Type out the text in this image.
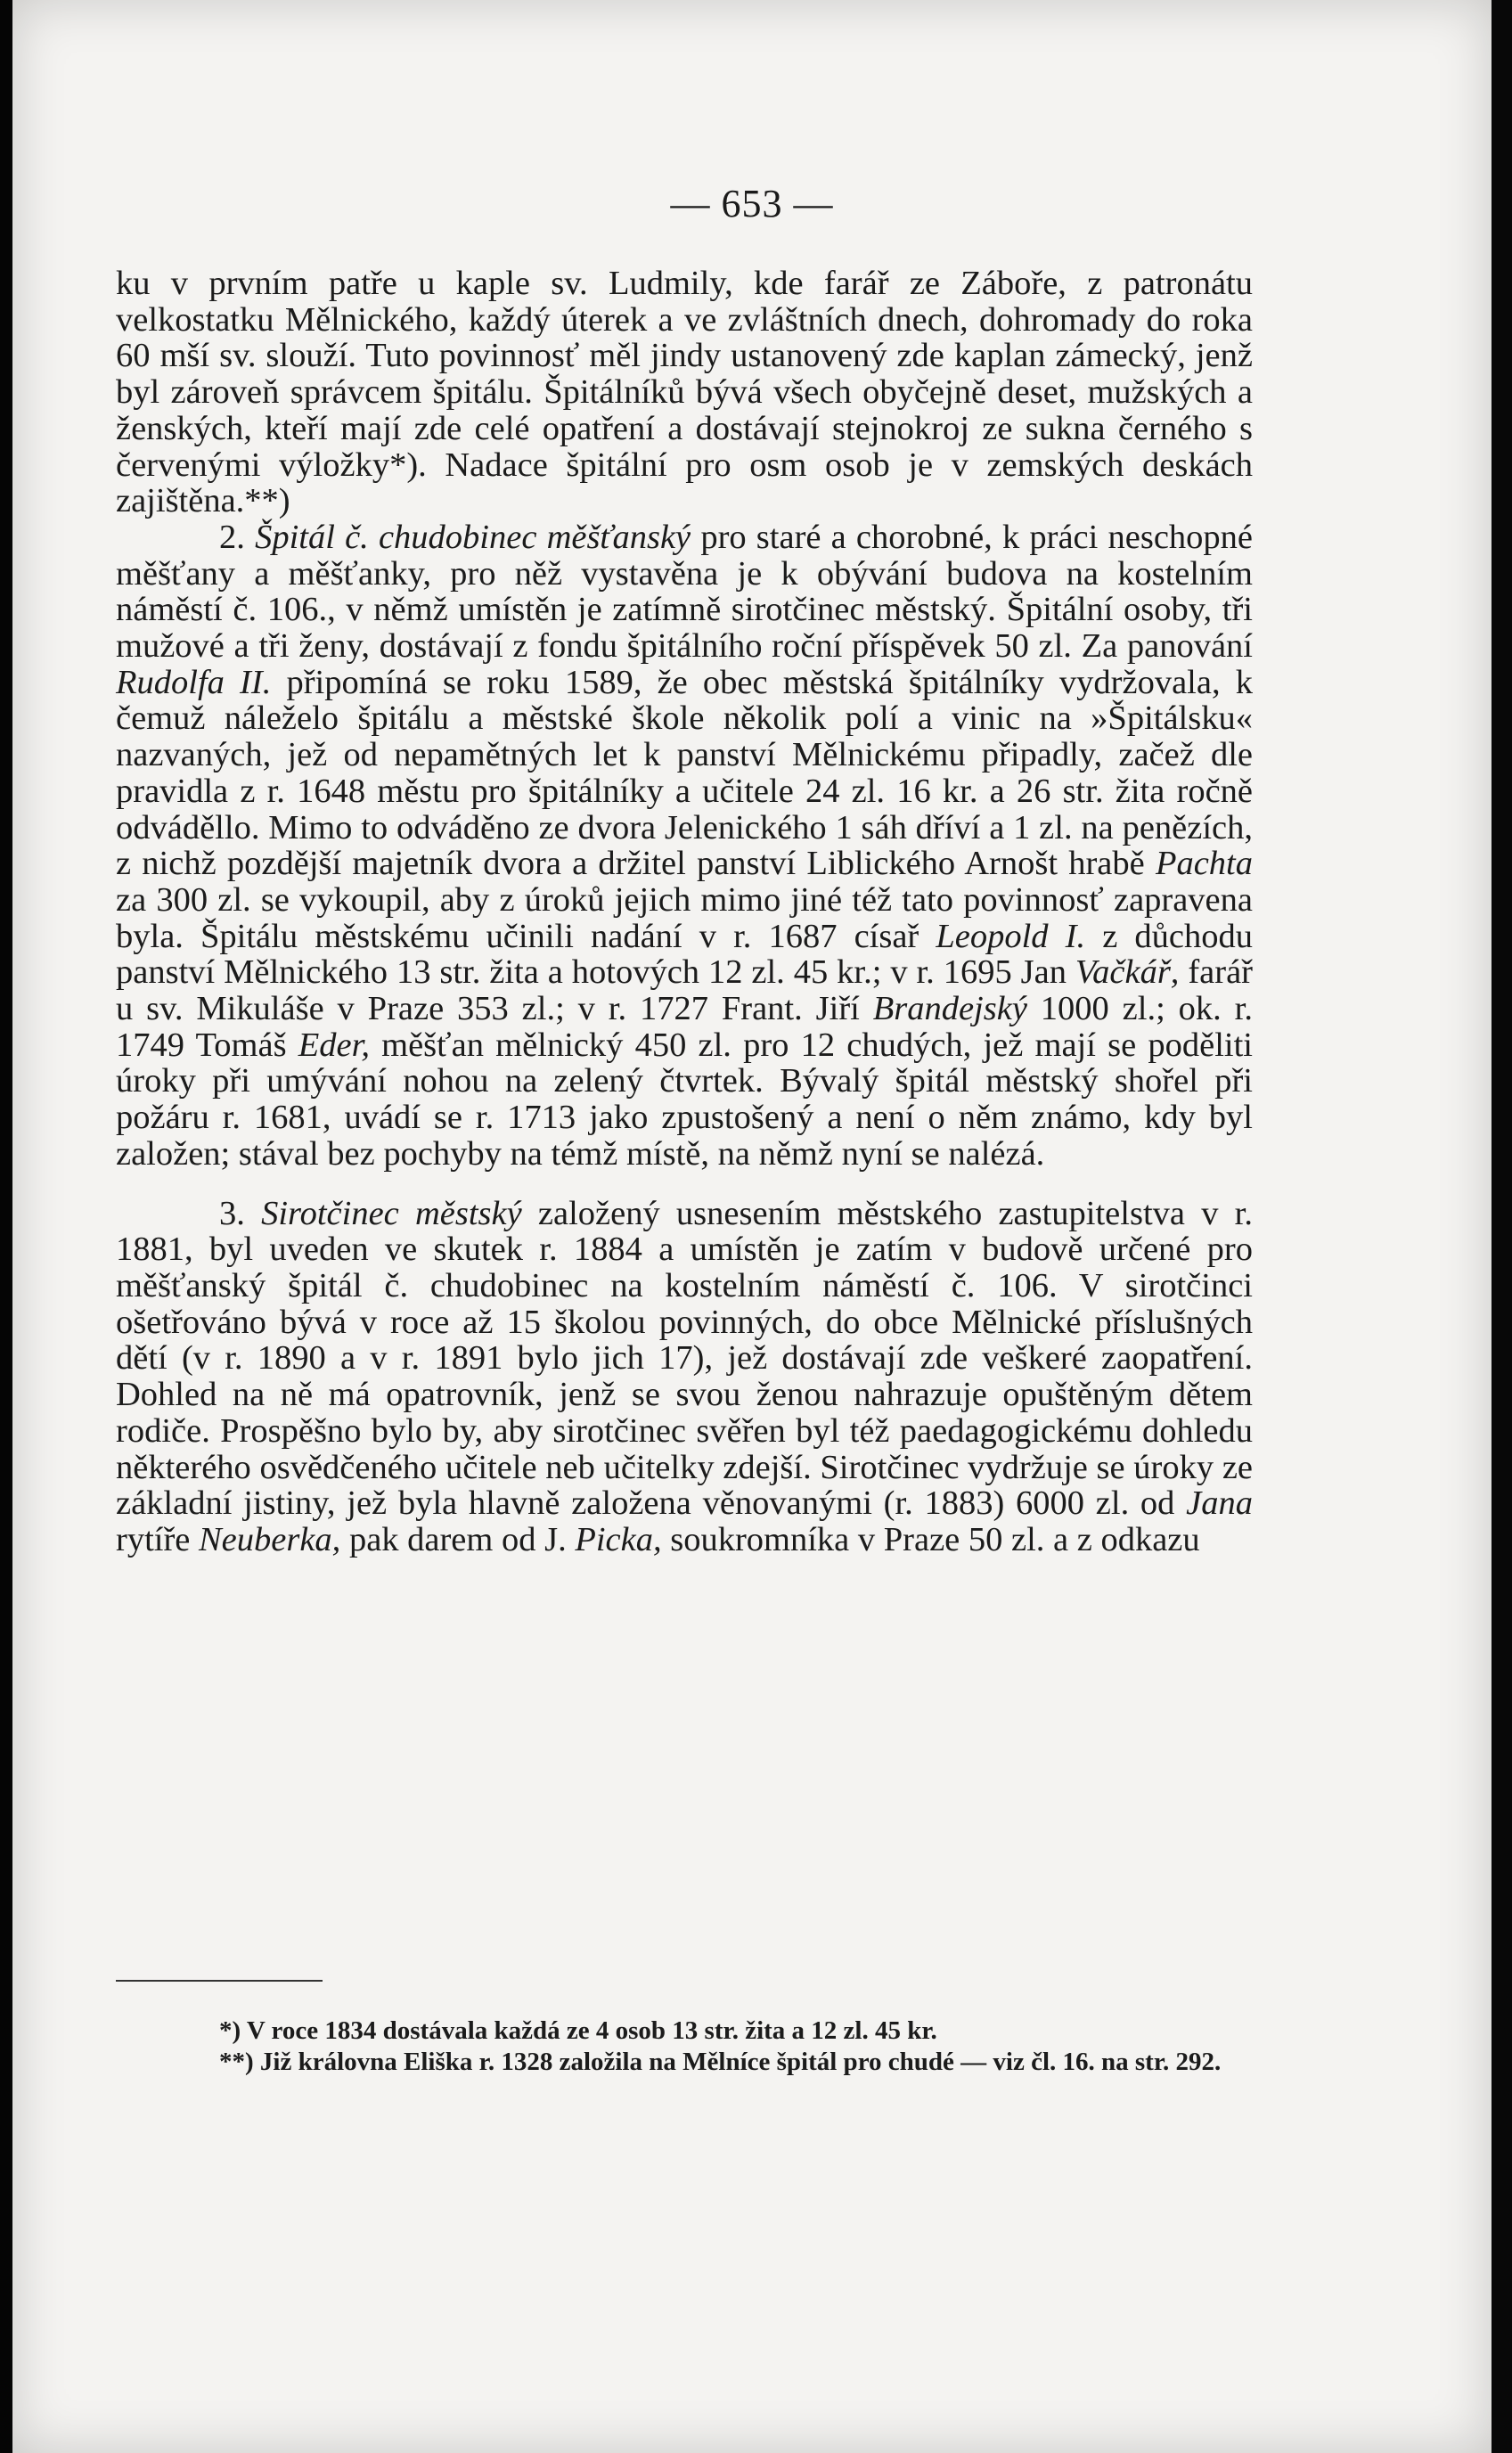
— 653 —

ku v prvním patře u kaple sv. Ludmily, kde farář ze Záboře, z patronátu velkostatku Mělnického, každý úterek a ve zvláštních dnech, dohromady do roka 60 mší sv. slouží. Tuto povinnosť měl jindy ustanovený zde kaplan zámecký, jenž byl zároveň správcem špitálu. Špitálníků bývá všech obyčejně deset, mužských a ženských, kteří mají zde celé opatření a dostávají stejnokroj ze sukna černého s červenými výložky*). Nadace špitální pro osm osob je v zemských deskách zajištěna.**)

2. Špitál č. chudobinec měšťanský pro staré a chorobné, k práci neschopné měšťany a měšťanky, pro něž vystavěna je k obývání budova na kostelním náměstí č. 106., v němž umístěn je zatímně sirotčinec městský. Špitální osoby, tři mužové a tři ženy, dostávají z fondu špitálního roční příspěvek 50 zl. Za panování Rudolfa II. připomíná se roku 1589, že obec městská špitálníky vydržovala, k čemuž náleželo špitálu a městské škole několik polí a vinic na »Špitálsku« nazvaných, jež od nepamětných let k panství Mělnickému připadly, začež dle pravidla z r. 1648 městu pro špitálníky a učitele 24 zl. 16 kr. a 26 str. žita ročně odváděllo. Mimo to odváděno ze dvora Jelenického 1 sáh dříví a 1 zl. na penězích, z nichž pozdější majetník dvora a držitel panství Liblického Arnošt hrabě Pachta za 300 zl. se vykoupil, aby z úroků jejich mimo jiné též tato povinnosť zapravena byla. Špitálu městskému učinili nadání v r. 1687 císař Leopold I. z důchodu panství Mělnického 13 str. žita a hotových 12 zl. 45 kr.; v r. 1695 Jan Vačkář, farář u sv. Mikuláše v Praze 353 zl.; v r. 1727 Frant. Jiří Brandejský 1000 zl.; ok. r. 1749 Tomáš Eder, měšťan mělnický 450 zl. pro 12 chudých, jež mají se poděliti úroky při umývání nohou na zelený čtvrtek. Bývalý špitál městský shořel při požáru r. 1681, uvádí se r. 1713 jako zpustošený a není o něm známo, kdy byl založen; stával bez pochyby na témž místě, na němž nyní se nalézá.

3. Sirotčinec městský založený usnesením městského zastupitelstva v r. 1881, byl uveden ve skutek r. 1884 a umístěn je zatím v budově určené pro měšťanský špitál č. chudobinec na kostelním náměstí č. 106. V sirotčinci ošetřováno bývá v roce až 15 školou povinných, do obce Mělnické příslušných dětí (v r. 1890 a v r. 1891 bylo jich 17), jež dostávají zde veškeré zaopatření. Dohled na ně má opatrovník, jenž se svou ženou nahrazuje opuštěným dětem rodiče. Prospěšno bylo by, aby sirotčinec svěřen byl též paedagogickému dohledu některého osvědčeného učitele neb učitelky zdejší. Sirotčinec vydržuje se úroky ze základní jistiny, jež byla hlavně založena věnovanými (r. 1883) 6000 zl. od Jana rytíře Neuberka, pak darem od J. Picka, soukromníka v Praze 50 zl. a z odkazu

*) V roce 1834 dostávala každá ze 4 osob 13 str. žita a 12 zl. 45 kr.

**) Již královna Eliška r. 1328 založila na Mělníce špitál pro chudé — viz čl. 16. na str. 292.
